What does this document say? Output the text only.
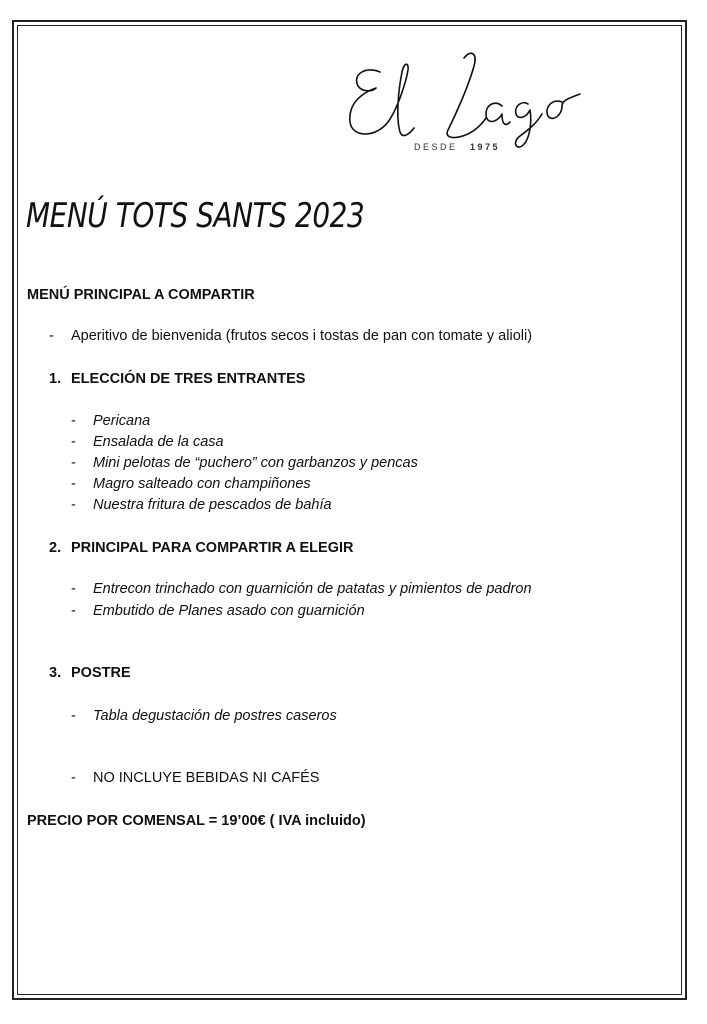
DESDE 1975
MENÚ TOTS SANTS 2023
MENÚ PRINCIPAL A COMPARTIR
- Aperitivo de bienvenida (frutos secos i tostas de pan con tomate y alioli)
1. ELECCIÓN DE TRES ENTRANTES
- Pericana
- Ensalada de la casa
- Mini pelotas de “puchero” con garbanzos y pencas
- Magro salteado con champiñones
- Nuestra fritura de pescados de bahía
2. PRINCIPAL PARA COMPARTIR A ELEGIR
- Entrecon trinchado con guarnición de patatas y pimientos de padron
- Embutido de Planes asado con guarnición
3. POSTRE
- Tabla degustación de postres caseros
- NO INCLUYE BEBIDAS NI CAFÉS
PRECIO POR COMENSAL = 19’00€ ( IVA incluido)
